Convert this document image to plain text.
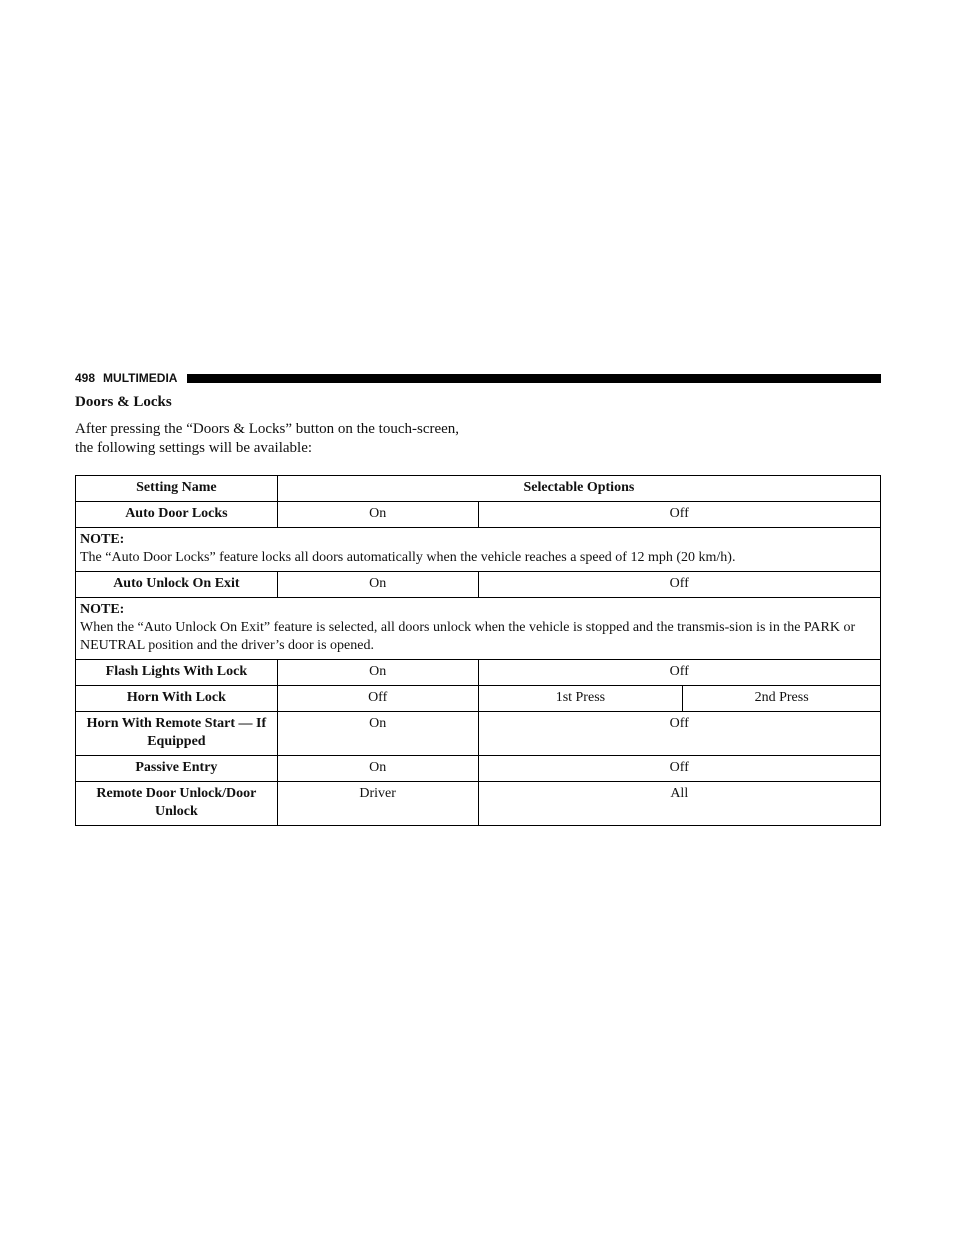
498 MULTIMEDIA
Doors & Locks
After pressing the “Doors & Locks” button on the touch-screen, the following settings will be available:
Setting Name	Selectable Options		
Auto Door Locks	On	Off	

NOTE:
The “Auto Door Locks” feature locks all doors automatically when the vehicle reaches a speed of 12 mph (20 km/h).			
Auto Unlock On Exit	On	Off	

NOTE:
When the “Auto Unlock On Exit” feature is selected, all doors unlock when the vehicle is stopped and the transmis-sion is in the PARK or NEUTRAL position and the driver’s door is opened.			
Flash Lights With Lock	On	Off	
Horn With Lock	Off	1st Press	2nd Press
Horn With Remote Start — If Equipped	On	Off	
Passive Entry	On	Off	
Remote Door Unlock/Door Unlock	Driver	All	
